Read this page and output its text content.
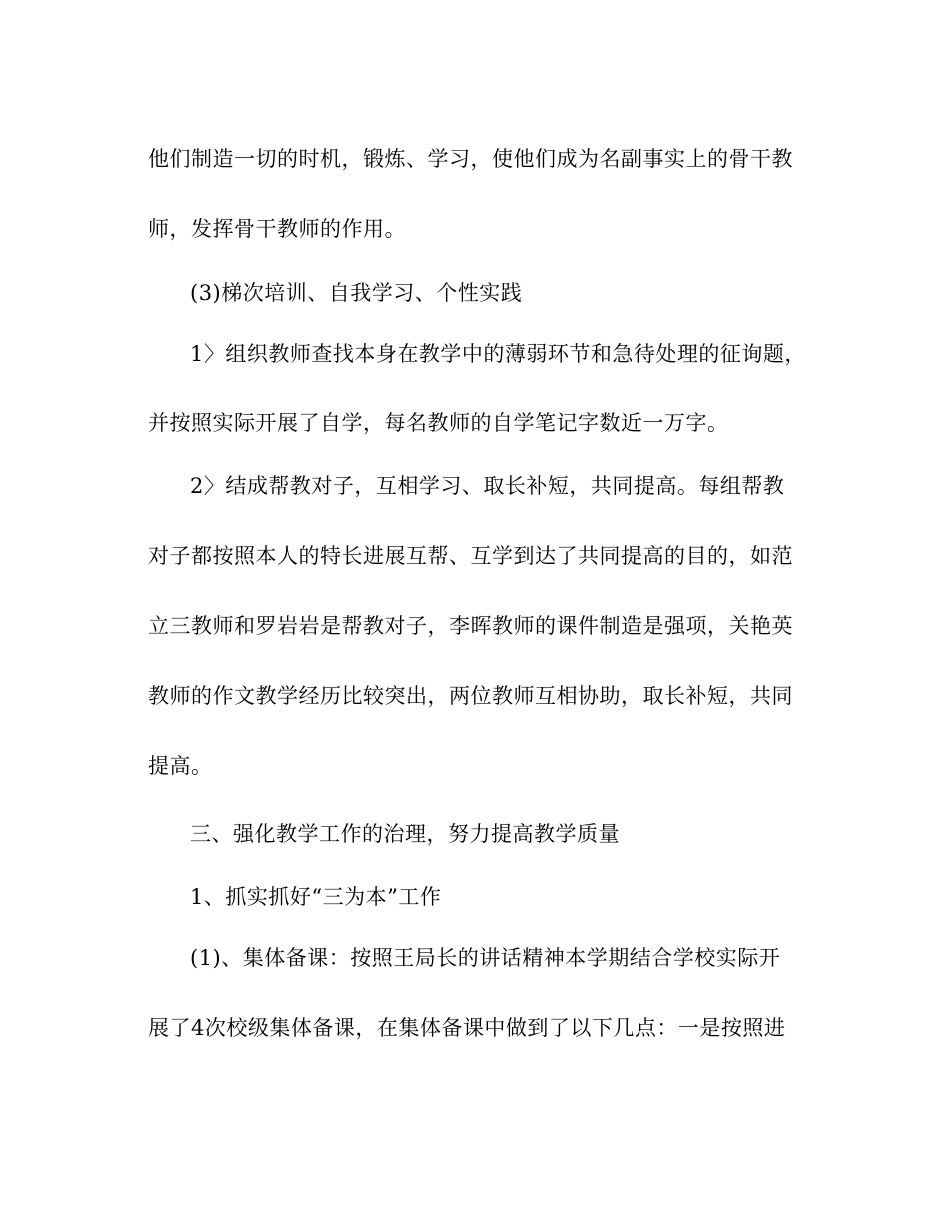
他们制造一切的时机，锻炼、学习，使他们成为名副事实上的骨干教
师，发挥骨干教师的作用。
(3)梯次培训、自我学习、个性实践
1〉组织教师查找本身在教学中的薄弱环节和急待处理的征询题，
并按照实际开展了自学，每名教师的自学笔记字数近一万字。
2〉结成帮教对子，互相学习、取长补短，共同提高。每组帮教
对子都按照本人的特长进展互帮、互学到达了共同提高的目的，如范
立三教师和罗岩岩是帮教对子，李晖教师的课件制造是强项，关艳英
教师的作文教学经历比较突出，两位教师互相协助，取长补短，共同
提高。
三、强化教学工作的治理，努力提高教学质量
1、抓实抓好“三为本”工作
(1)、集体备课：按照王局长的讲话精神本学期结合学校实际开
展了4次校级集体备课，在集体备课中做到了以下几点：一是按照进
